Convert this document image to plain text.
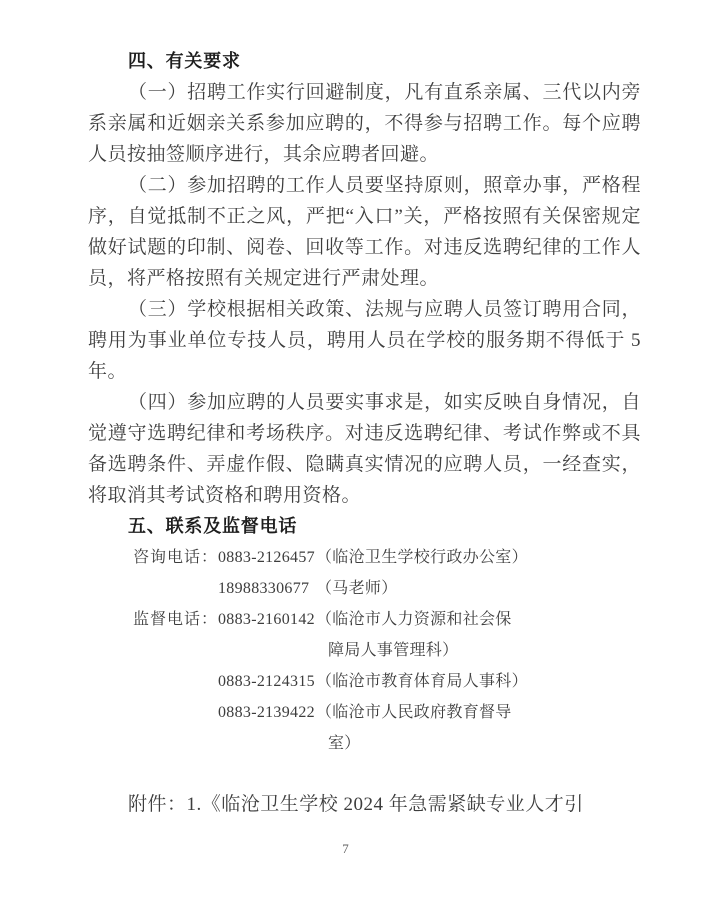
四、有关要求

（一）招聘工作实行回避制度，凡有直系亲属、三代以内旁系亲属和近姻亲关系参加应聘的，不得参与招聘工作。每个应聘人员按抽签顺序进行，其余应聘者回避。

（二）参加招聘的工作人员要坚持原则，照章办事，严格程序，自觉抵制不正之风，严把“入口”关，严格按照有关保密规定做好试题的印制、阅卷、回收等工作。对违反选聘纪律的工作人员，将严格按照有关规定进行严肃处理。

（三）学校根据相关政策、法规与应聘人员签订聘用合同，聘用为事业单位专技人员，聘用人员在学校的服务期不得低于 5 年。

（四）参加应聘的人员要实事求是，如实反映自身情况，自觉遵守选聘纪律和考场秩序。对违反选聘纪律、考试作弊或不具备选聘条件、弄虚作假、隐瞒真实情况的应聘人员，一经查实，将取消其考试资格和聘用资格。

五、联系及监督电话
咨询电话： 0883-2126457 （临沧卫生学校行政办公室）
18988330677 （马老师）
监督电话： 0883-2160142 （临沧市人力资源和社会保
障局人事管理科）
0883-2124315 （临沧市教育体育局人事科）
0883-2139422 （临沧市人民政府教育督导
室）

附件：1.《临沧卫生学校 2024 年急需紧缺专业人才引

7
